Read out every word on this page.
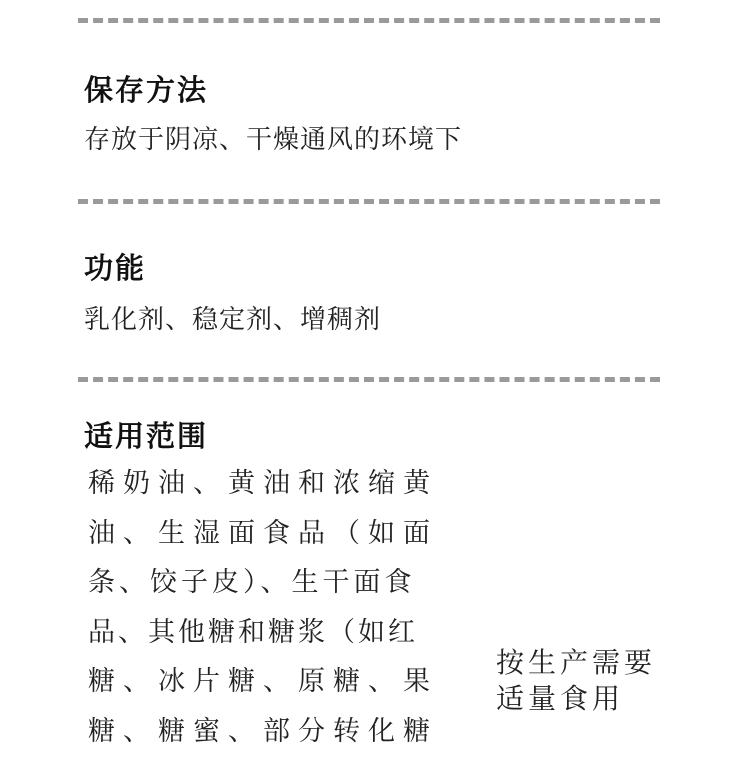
保存方法

存放于阴凉、干燥通风的环境下

功能

乳化剂、稳定剂、增稠剂

适用范围
稀奶油、黄油和浓缩黄
油、生湿面食品（如面
条、饺子皮）、生干面食
品、其他糖和糖浆（如红
糖、冰片糖、原糖、果
糖、糖蜜、部分转化糖
按生产需要
适量食用
